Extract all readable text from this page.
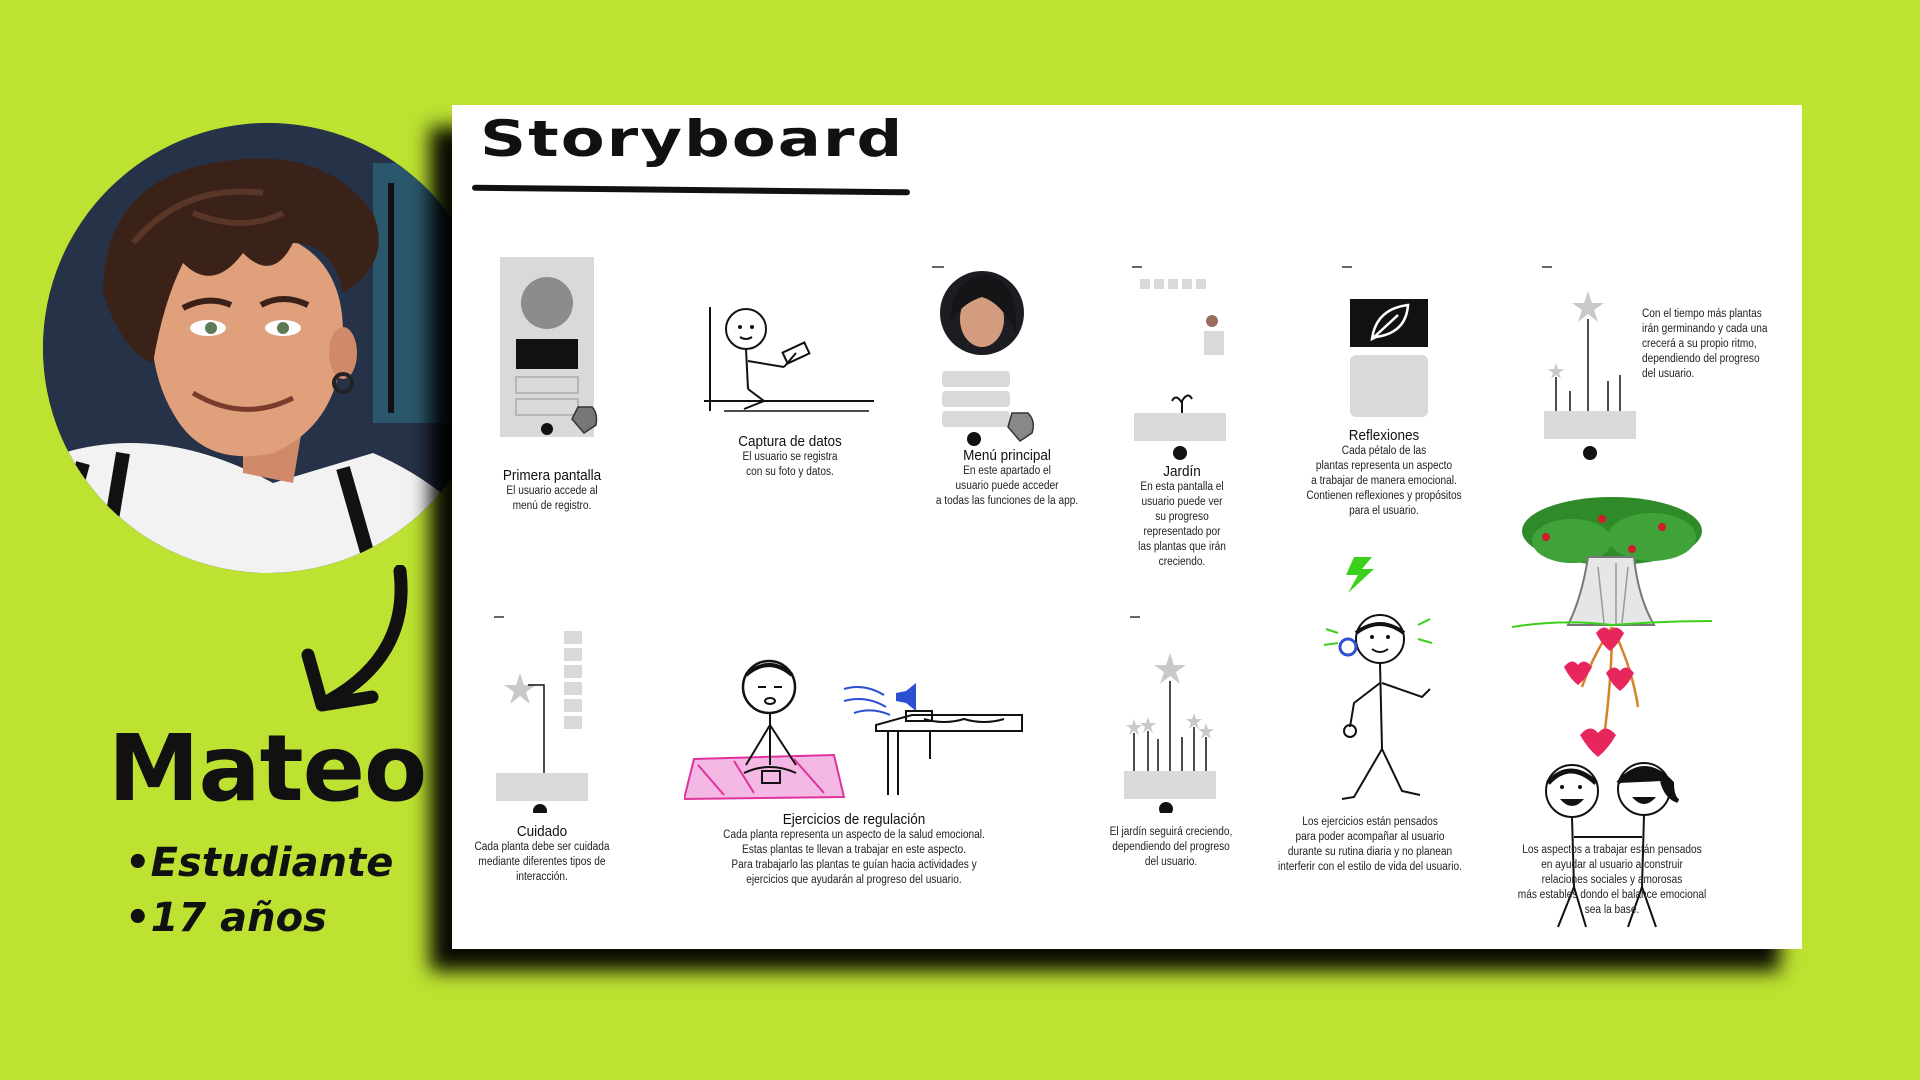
Mateo
•Estudiante
•17 años
Storyboard
Primera pantalla
El usuario accede al
menú de registro.
Captura de datos
El usuario se registra
con su foto y datos.
Menú principal
En este apartado el
usuario puede acceder
a todas las funciones de la app.
Jardín
En esta pantalla el
usuario puede ver
su progreso
representado por
las plantas que irán
creciendo.
Reflexiones
Cada pétalo de las
plantas representa un aspecto
a trabajar de manera emocional.
Contienen reflexiones y propósitos
para el usuario.
Con el tiempo más plantas
irán germinando y cada una
crecerá a su propio ritmo,
dependiendo del progreso
del usuario.
Cuidado
Cada planta debe ser cuidada
mediante diferentes tipos de
interacción.
Ejercicios de regulación
Cada planta representa un aspecto de la salud emocional.
Estas plantas te llevan a trabajar en este aspecto.
Para trabajarlo las plantas te guían hacia actividades y
ejercicios que ayudarán al progreso del usuario.
El jardín seguirá creciendo,
dependiendo del progreso
del usuario.
Los ejercicios están pensados
para poder acompañar al usuario
durante su rutina diaria y no planean
interferir con el estilo de vida del usuario.
Los aspectos a trabajar están pensados
en ayudar al usuario a construir
relaciones sociales y amorosas
más estables dondo el balance emocional
sea la base.
